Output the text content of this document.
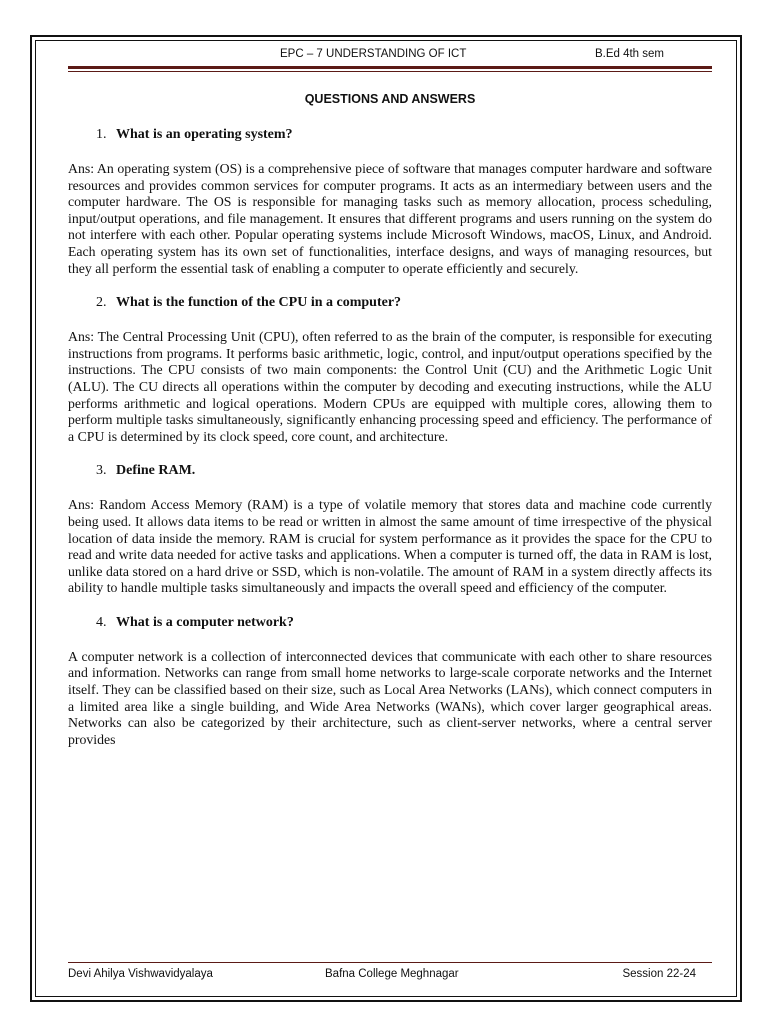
EPC – 7 UNDERSTANDING OF ICT	B.Ed 4th sem
QUESTIONS AND ANSWERS
1. What is an operating system?

Ans: An operating system (OS) is a comprehensive piece of software that manages computer hardware and software resources and provides common services for computer programs. It acts as an intermediary between users and the computer hardware. The OS is responsible for managing tasks such as memory allocation, process scheduling, input/output operations, and file management. It ensures that different programs and users running on the system do not interfere with each other. Popular operating systems include Microsoft Windows, macOS, Linux, and Android. Each operating system has its own set of functionalities, interface designs, and ways of managing resources, but they all perform the essential task of enabling a computer to operate efficiently and securely.

2. What is the function of the CPU in a computer?

Ans: The Central Processing Unit (CPU), often referred to as the brain of the computer, is responsible for executing instructions from programs. It performs basic arithmetic, logic, control, and input/output operations specified by the instructions. The CPU consists of two main components: the Control Unit (CU) and the Arithmetic Logic Unit (ALU). The CU directs all operations within the computer by decoding and executing instructions, while the ALU performs arithmetic and logical operations. Modern CPUs are equipped with multiple cores, allowing them to perform multiple tasks simultaneously, significantly enhancing processing speed and efficiency. The performance of a CPU is determined by its clock speed, core count, and architecture.

3. Define RAM.

Ans: Random Access Memory (RAM) is a type of volatile memory that stores data and machine code currently being used. It allows data items to be read or written in almost the same amount of time irrespective of the physical location of data inside the memory. RAM is crucial for system performance as it provides the space for the CPU to read and write data needed for active tasks and applications. When a computer is turned off, the data in RAM is lost, unlike data stored on a hard drive or SSD, which is non-volatile. The amount of RAM in a system directly affects its ability to handle multiple tasks simultaneously and impacts the overall speed and efficiency of the computer.

4. What is a computer network?

A computer network is a collection of interconnected devices that communicate with each other to share resources and information. Networks can range from small home networks to large-scale corporate networks and the Internet itself. They can be classified based on their size, such as Local Area Networks (LANs), which connect computers in a limited area like a single building, and Wide Area Networks (WANs), which cover larger geographical areas. Networks can also be categorized by their architecture, such as client-server networks, where a central server provides

Devi Ahilya Vishwavidyalaya	Bafna College Meghnagar	Session 22-24
